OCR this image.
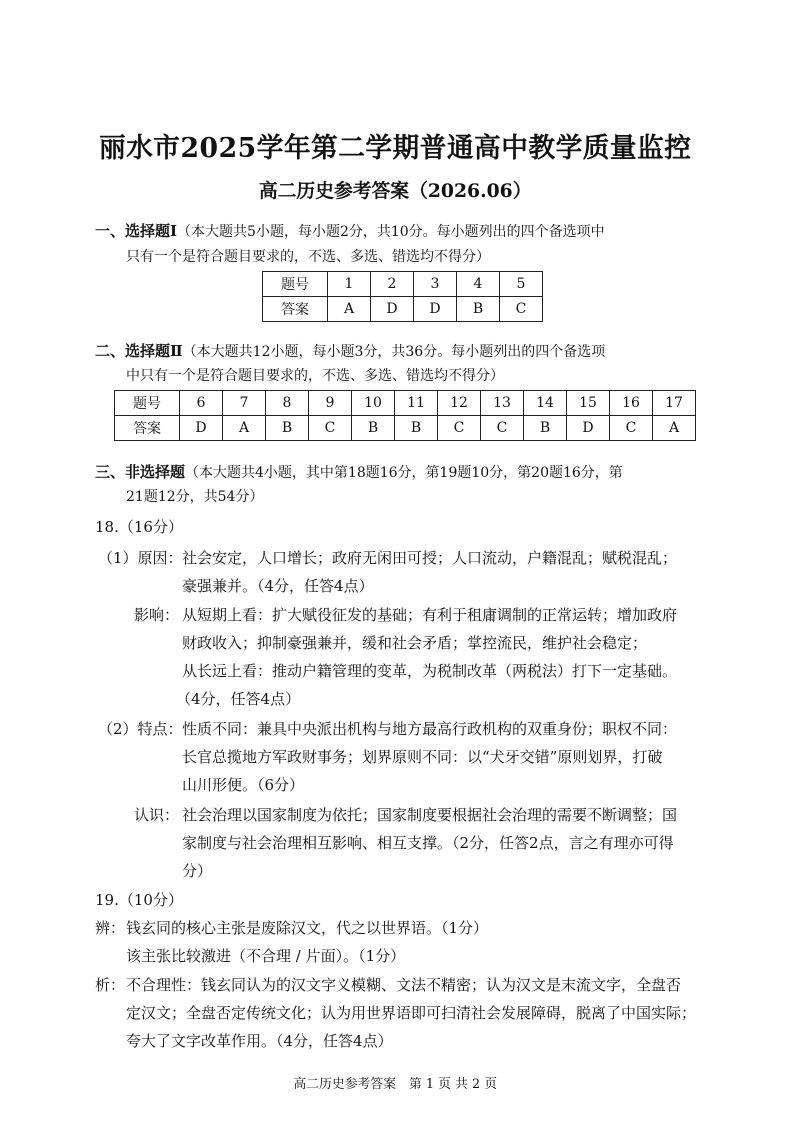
丽水市2025学年第二学期普通高中教学质量监控
高二历史参考答案（2026.06）
一、选择题Ⅰ（本大题共5小题，每小题2分，共10分。每小题列出的四个备选项中
只有一个是符合题目要求的，不选、多选、错选均不得分）
题号	1	2	3	4	5
答案	A	D	D	B	C
二、选择题Ⅱ（本大题共12小题，每小题3分，共36分。每小题列出的四个备选项
中只有一个是符合题目要求的，不选、多选、错选均不得分）
题号	6	7	8	9	10	11	12	13	14	15	16	17
答案	D	A	B	C	B	B	C	C	B	D	C	A
三、非选择题（本大题共4小题，其中第18题16分，第19题10分，第20题16分，第
21题12分，共54分）
18.（16分）
（1）原因： 社会安定，人口增长；政府无闲田可授；人口流动，户籍混乱；赋税混乱；
豪强兼并。（4分，任答4点）
影响： 从短期上看：扩大赋役征发的基础；有利于租庸调制的正常运转；增加政府
财政收入；抑制豪强兼并，缓和社会矛盾；掌控流民，维护社会稳定；
从长远上看：推动户籍管理的变革，为税制改革（两税法）打下一定基础。
（4分，任答4点）
（2）特点： 性质不同：兼具中央派出机构与地方最高行政机构的双重身份；职权不同：
长官总揽地方军政财事务；划界原则不同：以“犬牙交错”原则划界，打破
山川形便。（6分）
认识： 社会治理以国家制度为依托；国家制度要根据社会治理的需要不断调整；国
家制度与社会治理相互影响、相互支撑。（2分，任答2点，言之有理亦可得
分）
19.（10分）
辨： 钱玄同的核心主张是废除汉文，代之以世界语。（1分）
该主张比较激进（不合理 / 片面）。（1分）
析： 不合理性：钱玄同认为的汉文字义模糊、文法不精密；认为汉文是末流文字，全盘否
定汉文；全盘否定传统文化；认为用世界语即可扫清社会发展障碍，脱离了中国实际；
夸大了文字改革作用。（4分，任答4点）
高二历史参考答案　第 1 页 共 2 页
